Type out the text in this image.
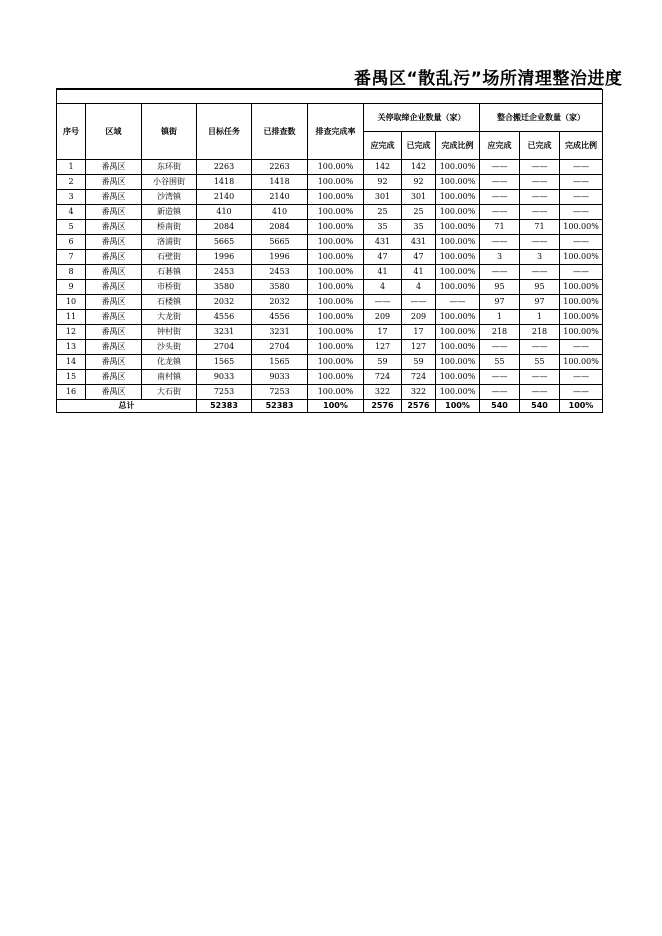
番禺区“散乱污”场所清理整治进度

序号	区域	镇街	目标任务	已排查数	排查完成率	关停取缔企业数量（家）			整合搬迁企业数量（家）		
						应完成	已完成	完成比例	应完成	已完成	完成比例
1	番禺区	东环街	2263	2263	100.00%	142	142	100.00%	——	——	——
2	番禺区	小谷围街	1418	1418	100.00%	92	92	100.00%	——	——	——
3	番禺区	沙湾镇	2140	2140	100.00%	301	301	100.00%	——	——	——
4	番禺区	新造镇	410	410	100.00%	25	25	100.00%	——	——	——
5	番禺区	桥南街	2084	2084	100.00%	35	35	100.00%	71	71	100.00%
6	番禺区	洛浦街	5665	5665	100.00%	431	431	100.00%	——	——	——
7	番禺区	石壁街	1996	1996	100.00%	47	47	100.00%	3	3	100.00%
8	番禺区	石碁镇	2453	2453	100.00%	41	41	100.00%	——	——	——
9	番禺区	市桥街	3580	3580	100.00%	4	4	100.00%	95	95	100.00%
10	番禺区	石楼镇	2032	2032	100.00%	——	——	——	97	97	100.00%
11	番禺区	大龙街	4556	4556	100.00%	209	209	100.00%	1	1	100.00%
12	番禺区	钟村街	3231	3231	100.00%	17	17	100.00%	218	218	100.00%
13	番禺区	沙头街	2704	2704	100.00%	127	127	100.00%	——	——	——
14	番禺区	化龙镇	1565	1565	100.00%	59	59	100.00%	55	55	100.00%
15	番禺区	南村镇	9033	9033	100.00%	724	724	100.00%	——	——	——
16	番禺区	大石街	7253	7253	100.00%	322	322	100.00%	——	——	——
总计			52383	52383	100%	2576	2576	100%	540	540	100%
